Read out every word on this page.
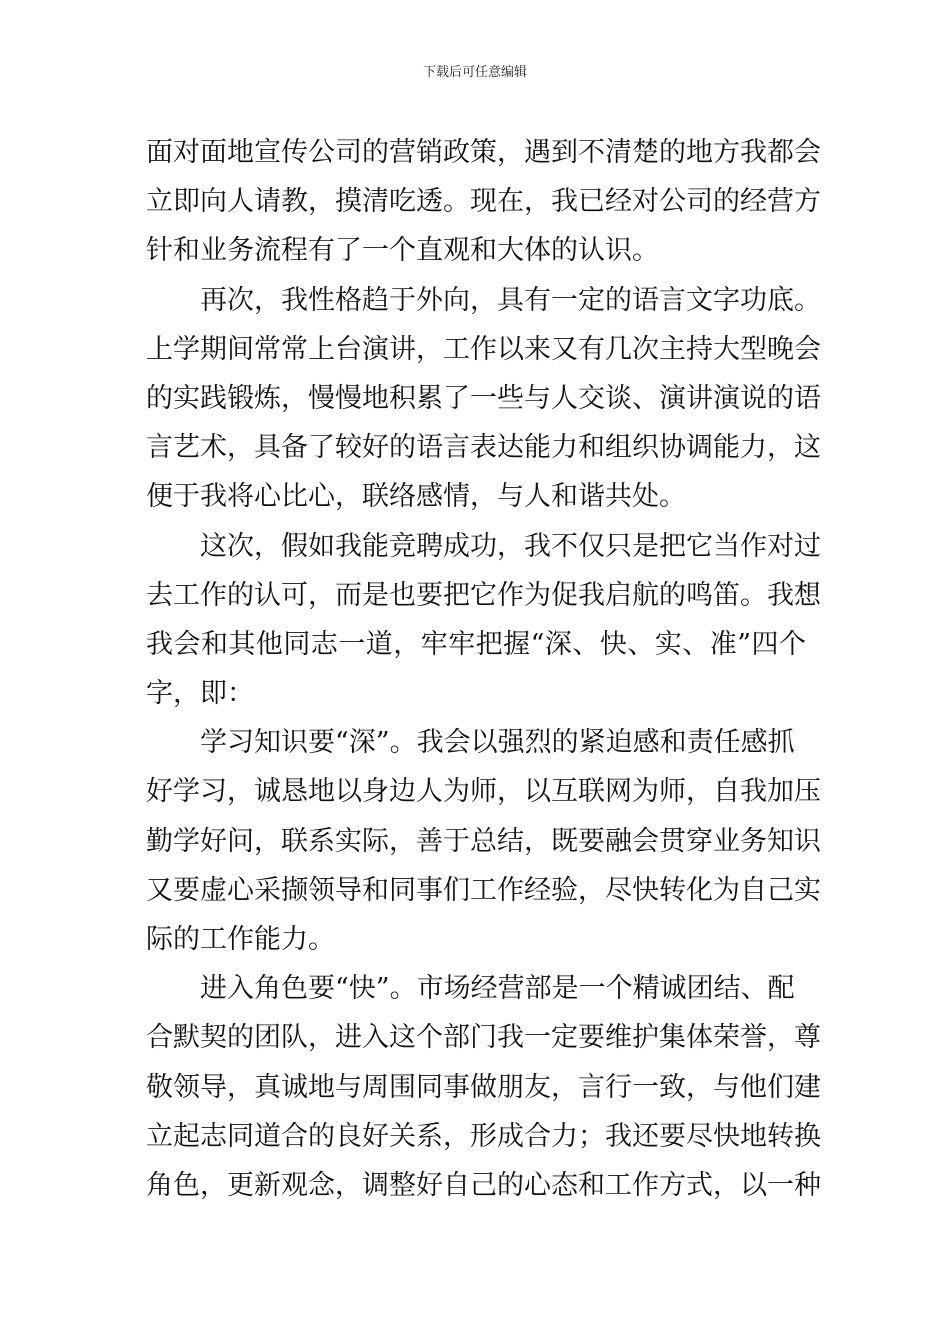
下载后可任意编辑
面对面地宣传公司的营销政策，遇到不清楚的地方我都会
立即向人请教，摸清吃透。现在，我已经对公司的经营方
针和业务流程有了一个直观和大体的认识。
再次，我性格趋于外向，具有一定的语言文字功底。
上学期间常常上台演讲，工作以来又有几次主持大型晚会
的实践锻炼，慢慢地积累了一些与人交谈、演讲演说的语
言艺术，具备了较好的语言表达能力和组织协调能力，这
便于我将心比心，联络感情，与人和谐共处。
这次，假如我能竞聘成功，我不仅只是把它当作对过
去工作的认可，而是也要把它作为促我启航的鸣笛。我想
我会和其他同志一道，牢牢把握“深、快、实、准”四个
字，即：
学习知识要“深”。我会以强烈的紧迫感和责任感抓
好学习，诚恳地以身边人为师，以互联网为师，自我加压
勤学好问，联系实际，善于总结，既要融会贯穿业务知识
又要虚心采撷领导和同事们工作经验，尽快转化为自己实
际的工作能力。
进入角色要“快”。市场经营部是一个精诚团结、配
合默契的团队，进入这个部门我一定要维护集体荣誉，尊
敬领导，真诚地与周围同事做朋友，言行一致，与他们建
立起志同道合的良好关系，形成合力；我还要尽快地转换
角色，更新观念，调整好自己的心态和工作方式，以一种
